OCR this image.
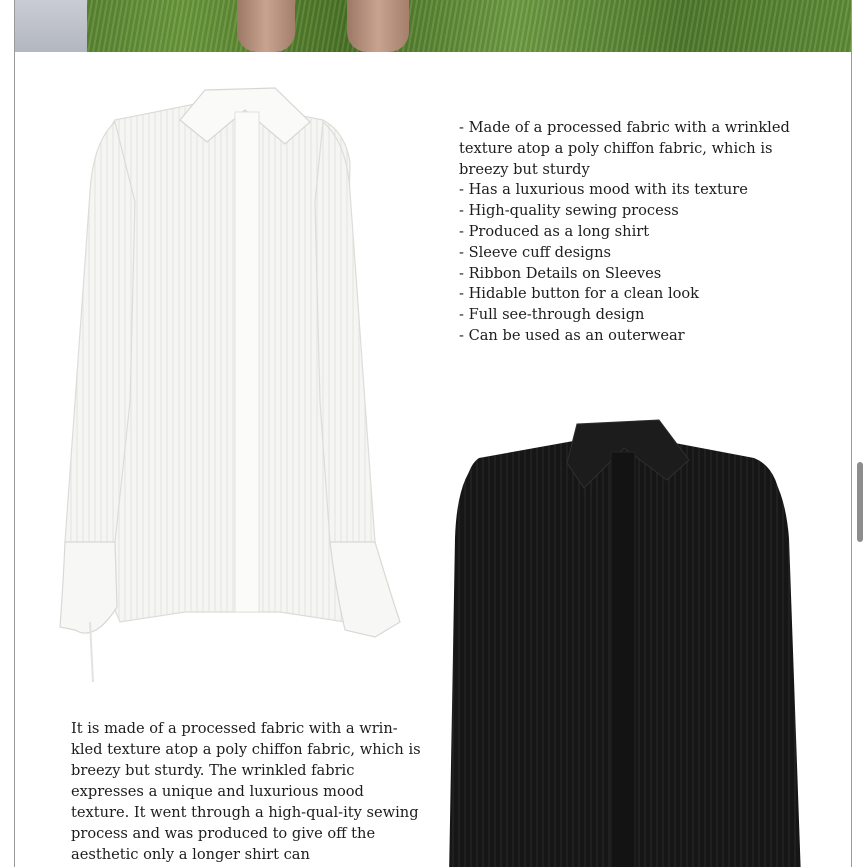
- Made of a processed fabric with a wrinkled
texture atop a poly chiffon fabric, which is
breezy but sturdy
- Has a luxurious mood with its texture
- High-quality sewing process
- Produced as a long shirt
- Sleeve cuff designs
- Ribbon Details on Sleeves
- Hidable button for a clean look
- Full see-through design
- Can be used as an outerwear

It is made of a processed fabric with a wrin-kled texture atop a poly chiffon fabric, which is breezy but sturdy. The wrinkled fabric expresses a unique and luxurious mood texture. It went through a high-qual-ity sewing process and was produced to give off the aesthetic only a longer shirt can
